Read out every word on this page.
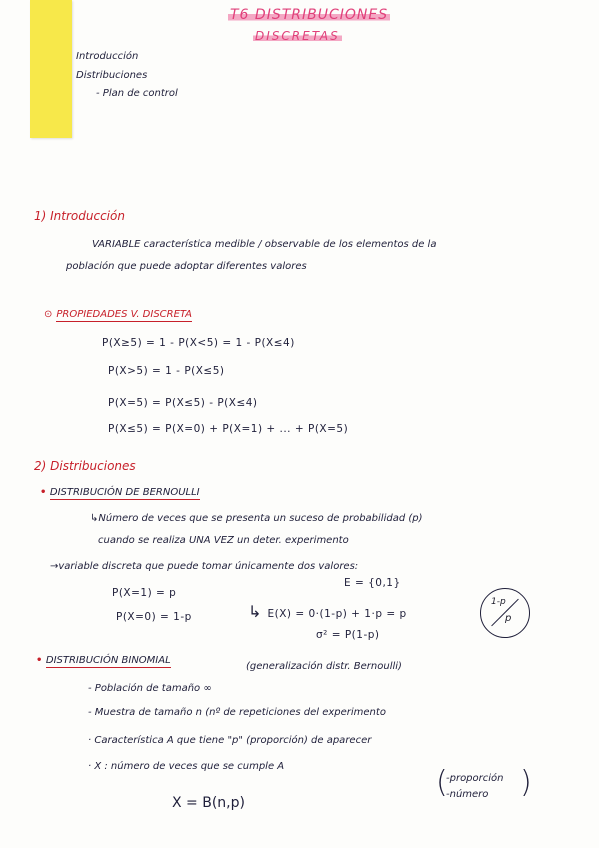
T6 DISTRIBUCIONES
DISCRETAS
Introducción
Distribuciones
- Plan de control
1) Introducción
VARIABLE característica medible / observable de los elementos de la
población que puede adoptar diferentes valores
⊙ PROPIEDADES V. DISCRETA
P(X≥5) = 1 - P(X<5) = 1 - P(X≤4)
P(X>5) = 1 - P(X≤5)
P(X=5) = P(X≤5) - P(X≤4)
P(X≤5) = P(X=0) + P(X=1) + ... + P(X=5)
2) Distribuciones
• DISTRIBUCIÓN DE BERNOULLI
↳Número de veces que se presenta un suceso de probabilidad (p)
cuando se realiza UNA VEZ un deter. experimento
→variable discreta que puede tomar únicamente dos valores:
P(X=1) = p
P(X=0) = 1-p
E = {0,1}
↳ E(X) = 0·(1-p) + 1·p = p
σ² = P(1-p)
1-p
p
• DISTRIBUCIÓN BINOMIAL
(generalización distr. Bernoulli)
- Población de tamaño ∞
- Muestra de tamaño n (nº de repeticiones del experimento
· Característica A que tiene "p" (proporción) de aparecer
· X : número de veces que se cumple A
X = B(n,p)
(
-proporción
-número )
